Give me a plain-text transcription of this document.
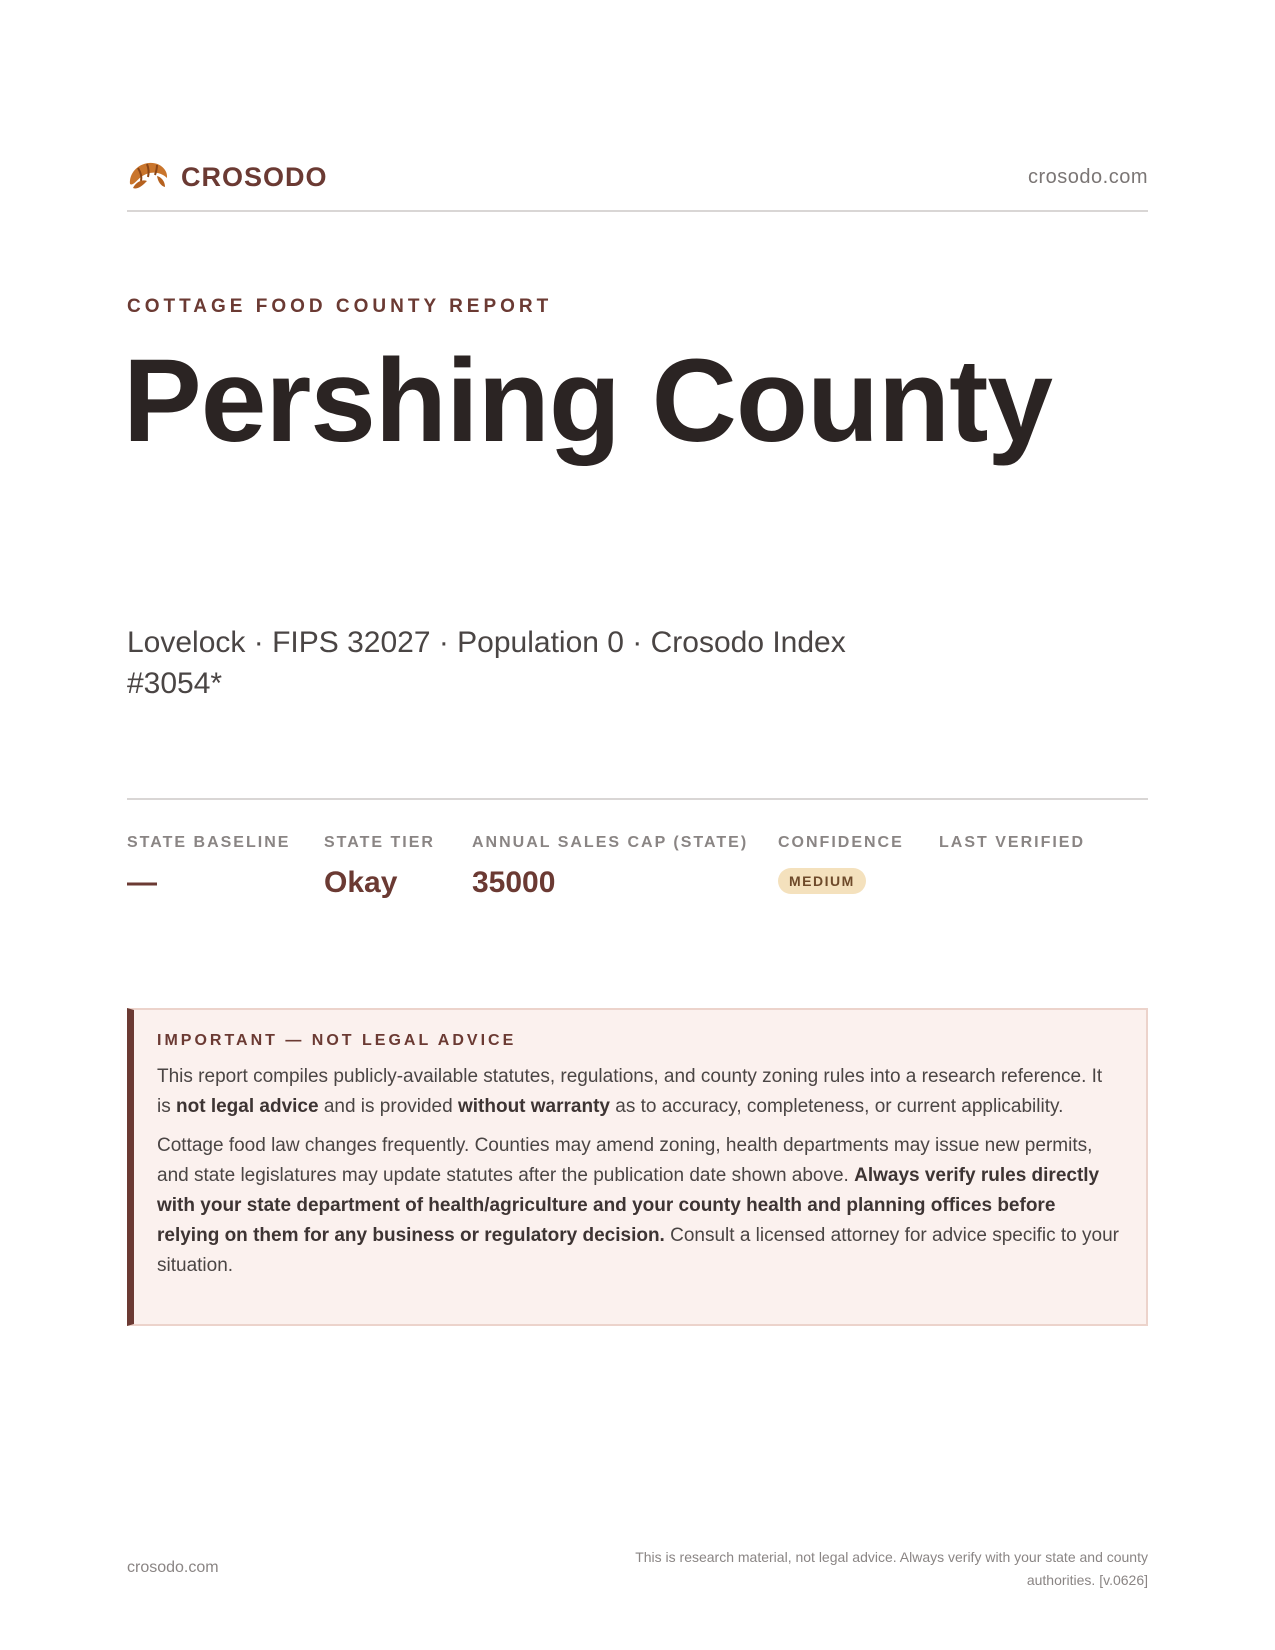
CROSODO	crosodo.com
COTTAGE FOOD COUNTY REPORT
Pershing County
Lovelock · FIPS 32027 · Population 0 · Crosodo Index #3054*
STATE BASELINE
—
STATE TIER
Okay
ANNUAL SALES CAP (STATE)
35000
CONFIDENCE
MEDIUM
LAST VERIFIED
IMPORTANT — NOT LEGAL ADVICE

This report compiles publicly-available statutes, regulations, and county zoning rules into a research reference. It is not legal advice and is provided without warranty as to accuracy, completeness, or current applicability.

Cottage food law changes frequently. Counties may amend zoning, health departments may issue new permits, and state legislatures may update statutes after the publication date shown above. Always verify rules directly with your state department of health/agriculture and your county health and planning offices before relying on them for any business or regulatory decision. Consult a licensed attorney for advice specific to your situation.

crosodo.com
This is research material, not legal advice. Always verify with your state and county authorities. [v.0626]
